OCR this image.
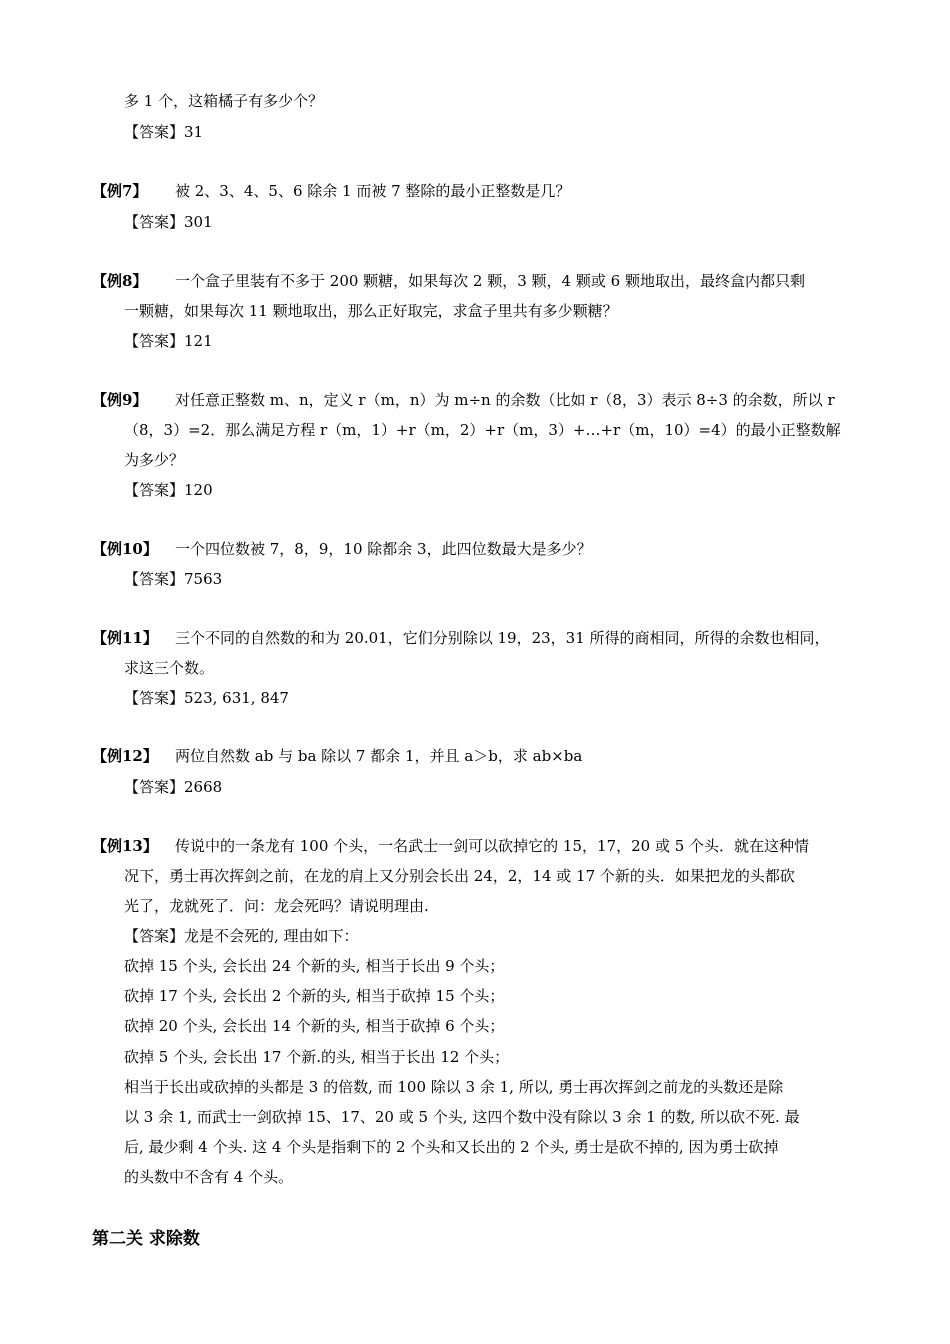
多 1 个，这箱橘子有多少个？
【答案】31
【例7】 被 2、3、4、5、6 除余 1 而被 7 整除的最小正整数是几？
【答案】301
【例8】 一个盒子里装有不多于 200 颗糖，如果每次 2 颗，3 颗，4 颗或 6 颗地取出，最终盒内都只剩
一颗糖，如果每次 11 颗地取出，那么正好取完，求盒子里共有多少颗糖？
【答案】121
【例9】 对任意正整数 m、n，定义 r（m，n）为 m÷n 的余数（比如 r（8，3）表示 8÷3 的余数，所以 r
（8，3）=2．那么满足方程 r（m，1）+r（m，2）+r（m，3）+…+r（m，10）=4）的最小正整数解
为多少？
【答案】120
【例10】 一个四位数被 7，8，9，10 除都余 3，此四位数最大是多少？
【答案】7563
【例11】 三个不同的自然数的和为 20.01，它们分别除以 19，23，31 所得的商相同，所得的余数也相同，
求这三个数。
【答案】523, 631, 847
【例12】 两位自然数 ab 与 ba 除以 7 都余 1，并且 a＞b，求 ab×ba
【答案】2668
【例13】 传说中的一条龙有 100 个头，一名武士一剑可以砍掉它的 15，17，20 或 5 个头．就在这种情
况下，勇士再次挥剑之前，在龙的肩上又分别会长出 24，2，14 或 17 个新的头．如果把龙的头都砍
光了，龙就死了．问：龙会死吗？请说明理由.
【答案】龙是不会死的, 理由如下：
砍掉 15 个头, 会长出 24 个新的头, 相当于长出 9 个头；
砍掉 17 个头, 会长出 2 个新的头, 相当于砍掉 15 个头；
砍掉 20 个头, 会长出 14 个新的头, 相当于砍掉 6 个头；
砍掉 5 个头, 会长出 17 个新.的头, 相当于长出 12 个头；
相当于长出或砍掉的头都是 3 的倍数, 而 100 除以 3 余 1, 所以, 勇士再次挥剑之前龙的头数还是除
以 3 余 1, 而武士一剑砍掉 15、17、20 或 5 个头, 这四个数中没有除以 3 余 1 的数, 所以砍不死. 最
后, 最少剩 4 个头. 这 4 个头是指剩下的 2 个头和又长出的 2 个头, 勇士是砍不掉的, 因为勇士砍掉
的头数中不含有 4 个头。
第二关 求除数
